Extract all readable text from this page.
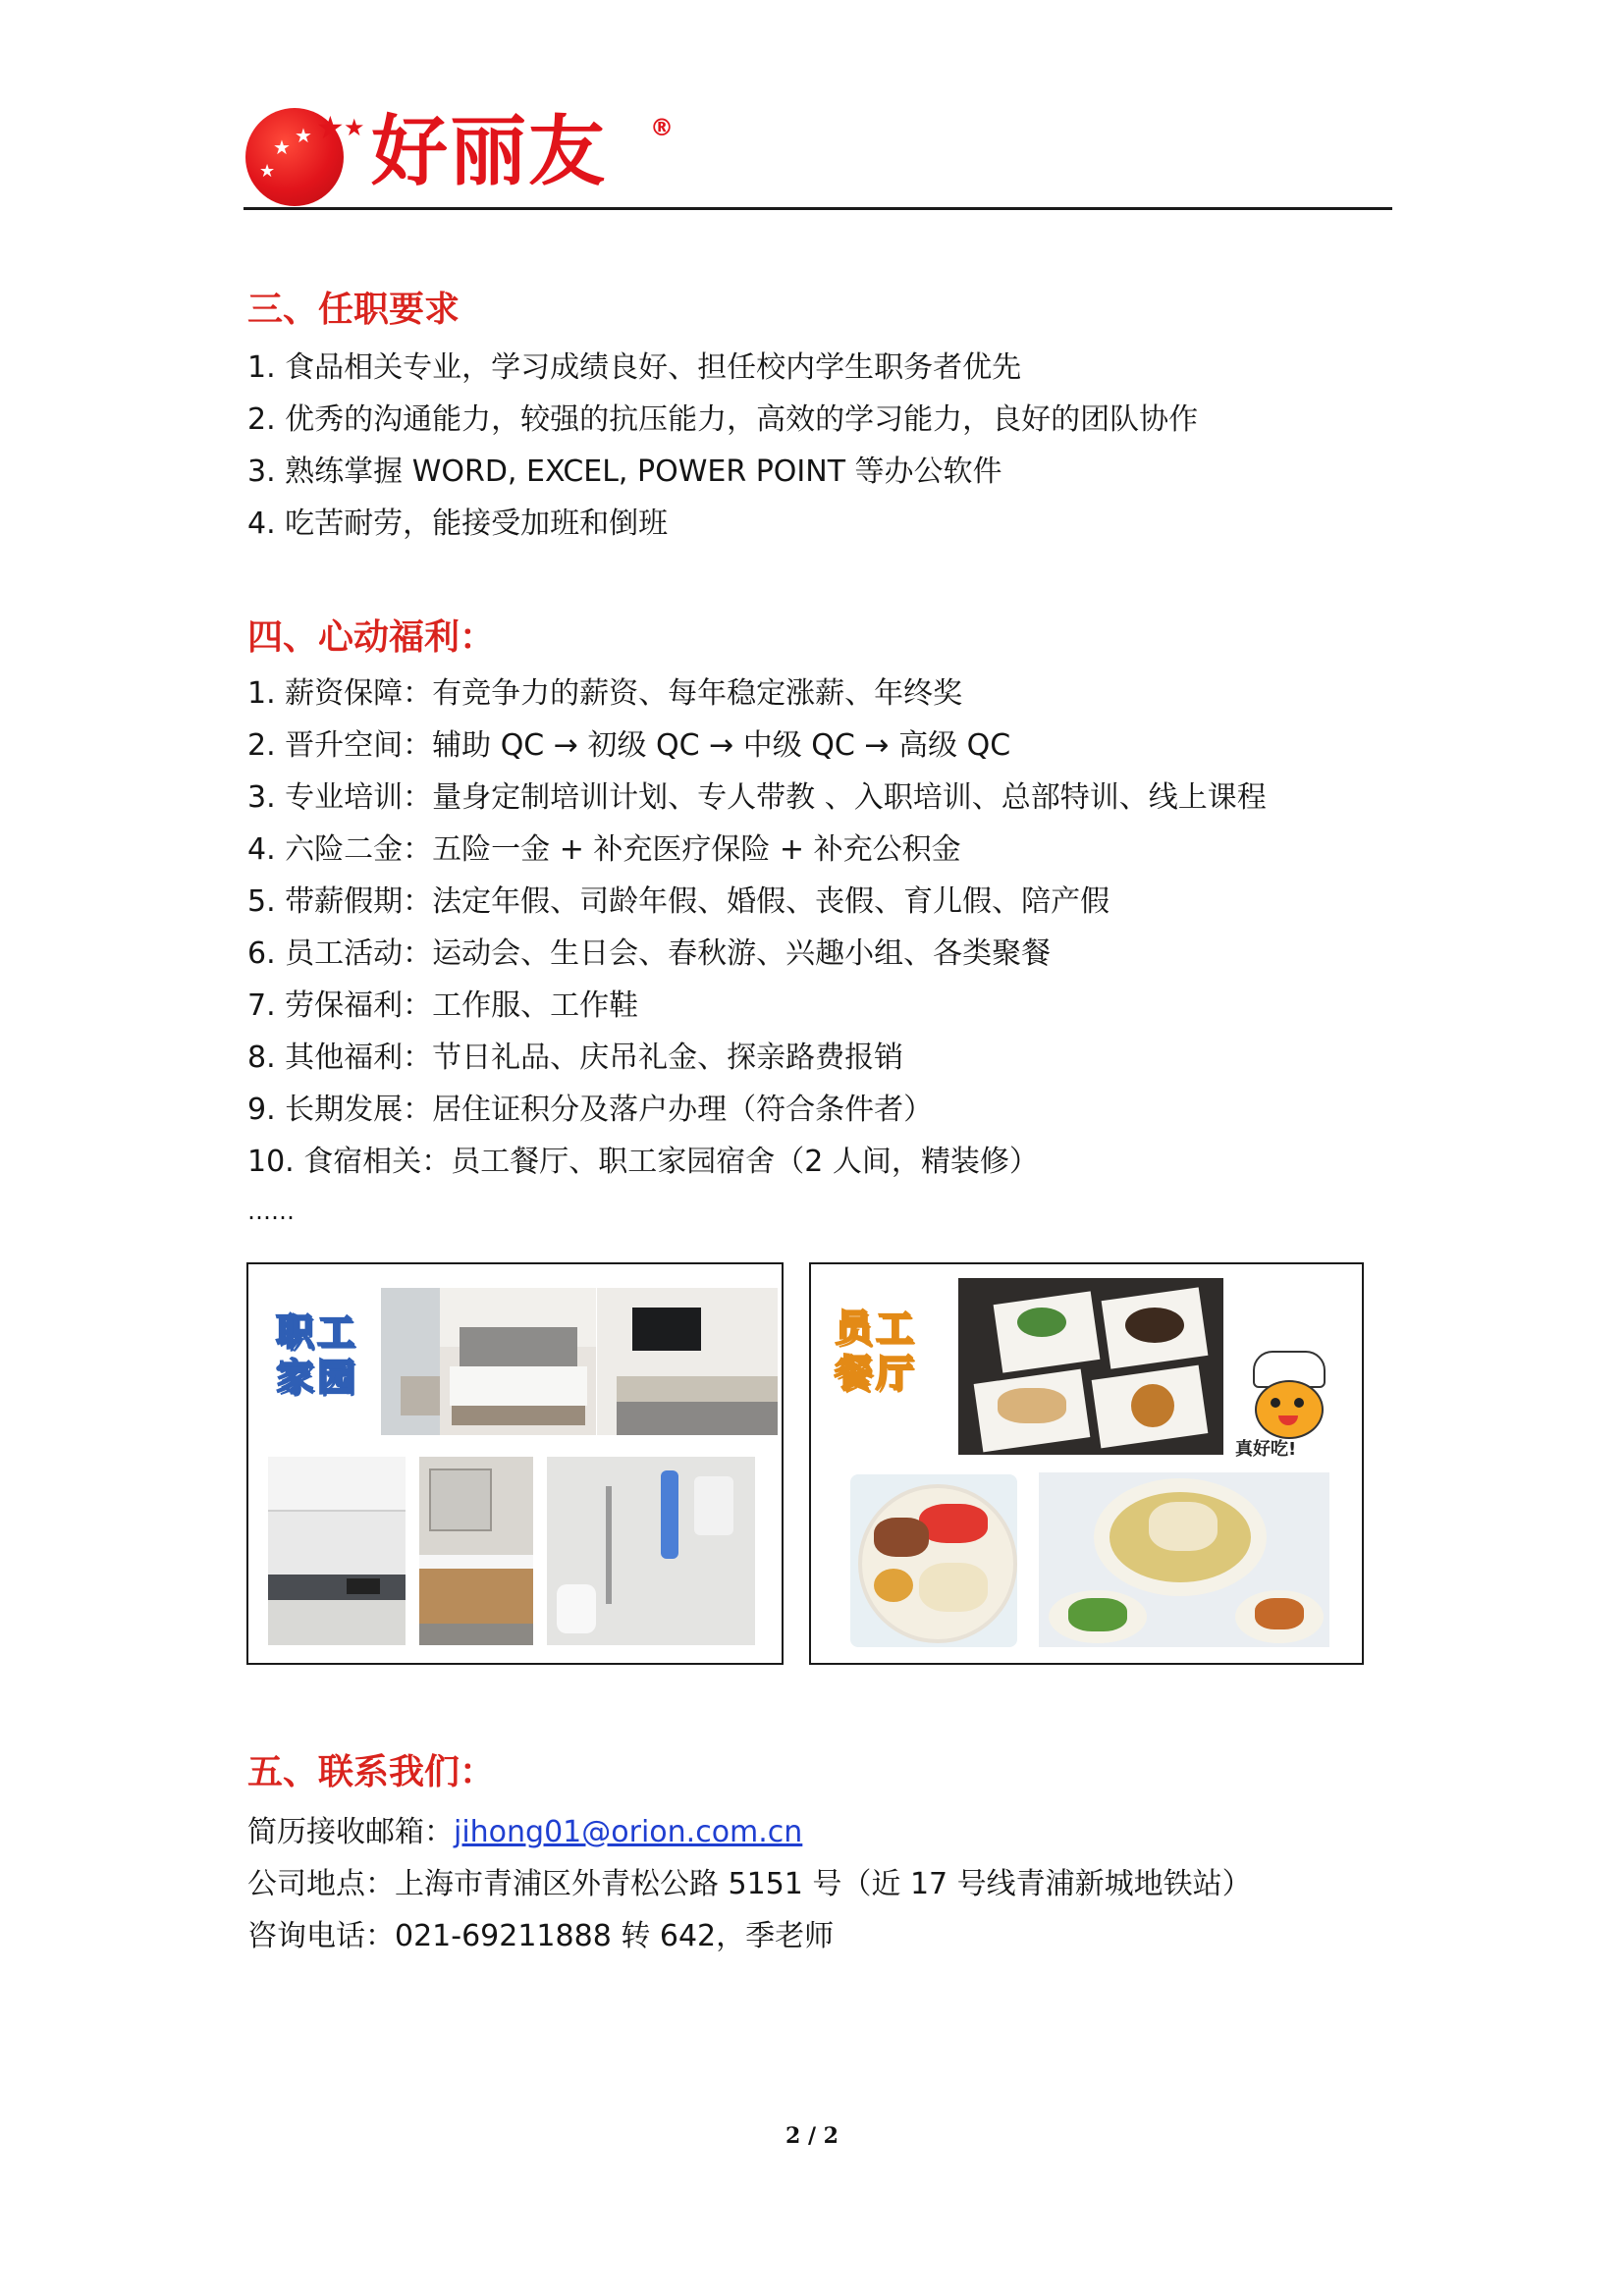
★ ★
★
★ ★ 好丽友 ®
三、任职要求
1. 食品相关专业，学习成绩良好、担任校内学生职务者优先
2. 优秀的沟通能力，较强的抗压能力，高效的学习能力，良好的团队协作
3. 熟练掌握 WORD, EXCEL, POWER POINT 等办公软件
4. 吃苦耐劳，能接受加班和倒班
四、心动福利：
1. 薪资保障：有竞争力的薪资、每年稳定涨薪、年终奖
2. 晋升空间：辅助 QC → 初级 QC → 中级 QC → 高级 QC
3. 专业培训：量身定制培训计划、专人带教 、入职培训、总部特训、线上课程
4. 六险二金：五险一金 + 补充医疗保险 + 补充公积金
5. 带薪假期：法定年假、司龄年假、婚假、丧假、育儿假、陪产假
6. 员工活动：运动会、生日会、春秋游、兴趣小组、各类聚餐
7. 劳保福利：工作服、工作鞋
8. 其他福利：节日礼品、庆吊礼金、探亲路费报销
9. 长期发展：居住证积分及落户办理（符合条件者）
10. 食宿相关：员工餐厅、职工家园宿舍（2 人间，精装修）
……
职工
家园
员工
餐厅
真好吃!
五、联系我们：
简历接收邮箱：jihong01@orion.com.cn
公司地点：上海市青浦区外青松公路 5151 号（近 17 号线青浦新城地铁站）
咨询电话：021-69211888 转 642，季老师
2 / 2
